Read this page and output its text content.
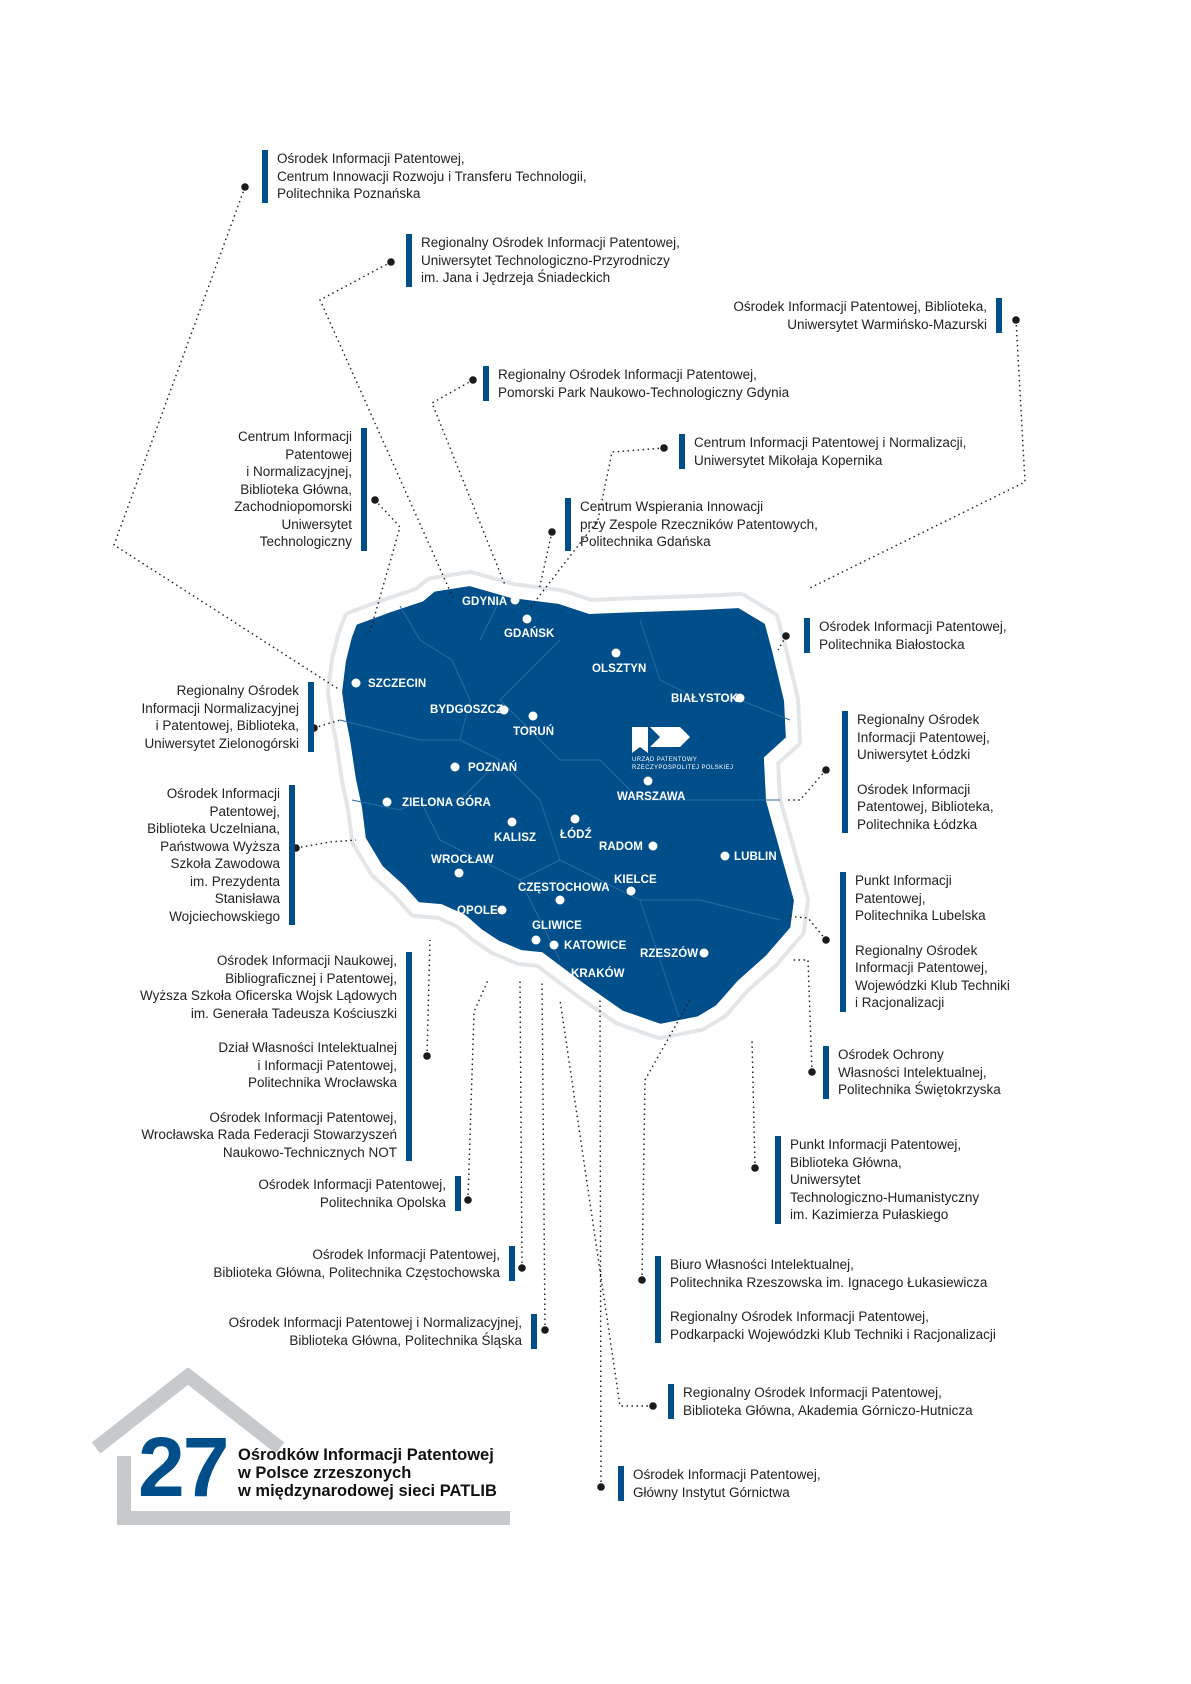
GDYNIA
GDAŃSK
SZCZECIN
OLSZTYN
BIAŁYSTOK
BYDGOSZCZ
TORUŃ
POZNAŃ
WARSZAWA
ZIELONA GÓRA
KALISZ ŁÓDŹ
RADOM
LUBLIN
WROCŁAW
CZĘSTOCHOWA
KIELCE
OPOLE
GLIWICE
KATOWICE
RZESZÓW
KRAKÓW
URZĄD PATENTOWY
RZECZYPOSPOLITEJ POLSKIEJ
Ośrodek Informacji Patentowej,
Centrum Innowacji Rozwoju i Transferu Technologii,
Politechnika Poznańska
Regionalny Ośrodek Informacji Patentowej,
Uniwersytet Technologiczno-Przyrodniczy
im. Jana i Jędrzeja Śniadeckich
Regionalny Ośrodek Informacji Patentowej,
Pomorski Park Naukowo-Technologiczny Gdynia
Centrum Informacji Patentowej i Normalizacji,
Uniwersytet Mikołaja Kopernika
Centrum Wspierania Innowacji
przy Zespole Rzeczników Patentowych,
Politechnika Gdańska
Ośrodek Informacji Patentowej,
Politechnika Białostocka
Regionalny Ośrodek
Informacji Patentowej,
Uniwersytet Łódzki
Ośrodek Informacji
Patentowej, Biblioteka,
Politechnika Łódzka
Punkt Informacji
Patentowej,
Politechnika Lubelska
Regionalny Ośrodek
Informacji Patentowej,
Wojewódzki Klub Techniki
i Racjonalizacji
Ośrodek Ochrony
Własności Intelektualnej,
Politechnika Świętokrzyska
Punkt Informacji Patentowej,
Biblioteka Główna,
Uniwersytet
Technologiczno-Humanistyczny
im. Kazimierza Pułaskiego
Biuro Własności Intelektualnej,
Politechnika Rzeszowska im. Ignacego Łukasiewicza
Regionalny Ośrodek Informacji Patentowej,
Podkarpacki Wojewódzki Klub Techniki i Racjonalizacji
Regionalny Ośrodek Informacji Patentowej,
Biblioteka Główna, Akademia Górniczo-Hutnicza
Ośrodek Informacji Patentowej,
Główny Instytut Górnictwa
Ośrodek Informacji Patentowej, Biblioteka,
Uniwersytet Warmińsko-Mazurski
Centrum Informacji
Patentowej
i Normalizacyjnej,
Biblioteka Główna,
Zachodniopomorski
Uniwersytet
Technologiczny
Regionalny Ośrodek
Informacji Normalizacyjnej
i Patentowej, Biblioteka,
Uniwersytet Zielonogórski
Ośrodek Informacji
Patentowej,
Biblioteka Uczelniana,
Państwowa Wyższa
Szkoła Zawodowa
im. Prezydenta
Stanisława
Wojciechowskiego
Ośrodek Informacji Naukowej,
Bibliograficznej i Patentowej,
Wyższa Szkoła Oficerska Wojsk Lądowych
im. Generała Tadeusza Kościuszki
Dział Własności Intelektualnej
i Informacji Patentowej,
Politechnika Wrocławska
Ośrodek Informacji Patentowej,
Wrocławska Rada Federacji Stowarzyszeń
Naukowo-Technicznych NOT
Ośrodek Informacji Patentowej,
Politechnika Opolska
Ośrodek Informacji Patentowej,
Biblioteka Główna, Politechnika Częstochowska
Ośrodek Informacji Patentowej i Normalizacyjnej,
Biblioteka Główna, Politechnika Śląska
27 Ośrodków Informacji Patentowej
w Polsce zrzeszonych
w międzynarodowej sieci PATLIB
